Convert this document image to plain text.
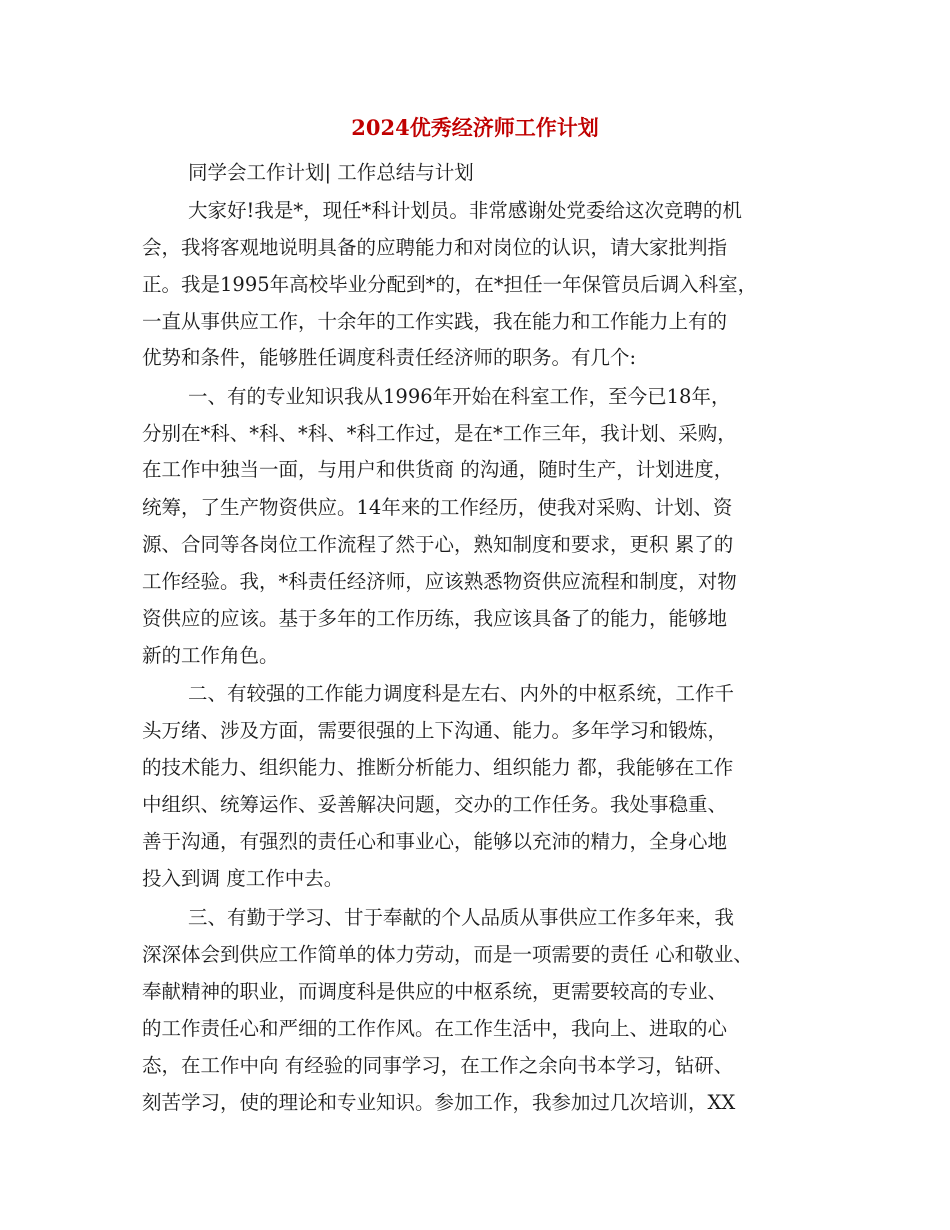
2024优秀经济师工作计划
同学会工作计划| 工作总结与计划
大家好!我是*，现任*科计划员。非常感谢处党委给这次竞聘的机
会，我将客观地说明具备的应聘能力和对岗位的认识，请大家批判指
正。我是1995年高校毕业分配到*的，在*担任一年保管员后调入科室，
一直从事供应工作，十余年的工作实践，我在能力和工作能力上有的
优势和条件，能够胜任调度科责任经济师的职务。有几个:
一、有的专业知识我从1996年开始在科室工作，至今已18年，
分别在*科、*科、*科、*科工作过，是在*工作三年，我计划、采购，
在工作中独当一面，与用户和供货商 的沟通，随时生产，计划进度，
统筹，了生产物资供应。14年来的工作经历，使我对采购、计划、资
源、合同等各岗位工作流程了然于心，熟知制度和要求，更积 累了的
工作经验。我，*科责任经济师，应该熟悉物资供应流程和制度，对物
资供应的应该。基于多年的工作历练，我应该具备了的能力，能够地
新的工作角色。
二、有较强的工作能力调度科是左右、内外的中枢系统，工作千
头万绪、涉及方面，需要很强的上下沟通、能力。多年学习和锻炼，
的技术能力、组织能力、推断分析能力、组织能力 都，我能够在工作
中组织、统筹运作、妥善解决问题，交办的工作任务。我处事稳重、
善于沟通，有强烈的责任心和事业心，能够以充沛的精力，全身心地
投入到调 度工作中去。
三、有勤于学习、甘于奉献的个人品质从事供应工作多年来，我
深深体会到供应工作简单的体力劳动，而是一项需要的责任 心和敬业、
奉献精神的职业，而调度科是供应的中枢系统，更需要较高的专业、
的工作责任心和严细的工作作风。在工作生活中，我向上、进取的心
态，在工作中向 有经验的同事学习，在工作之余向书本学习，钻研、
刻苦学习，使的理论和专业知识。参加工作，我参加过几次培训，XX
